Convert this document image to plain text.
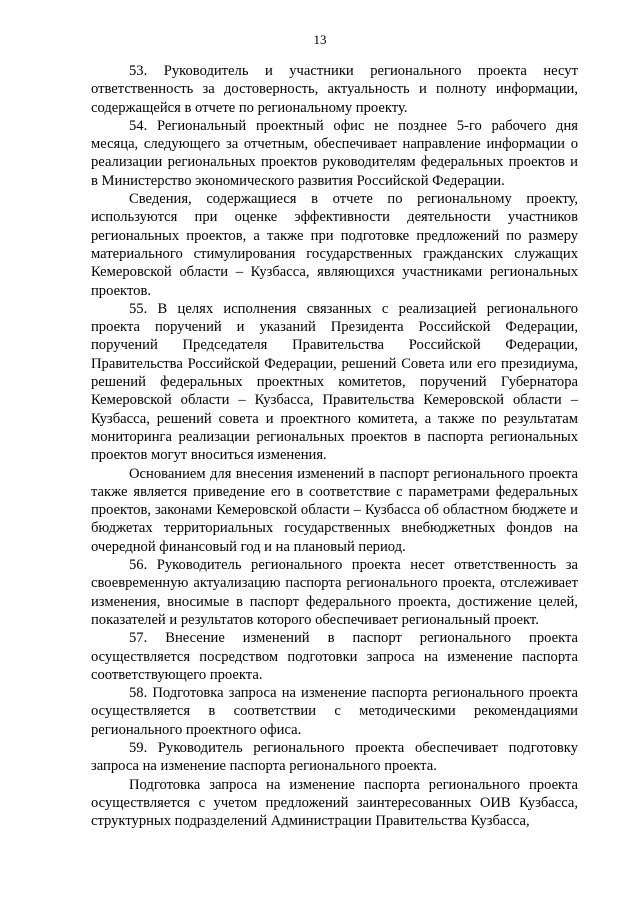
13

53. Руководитель и участники регионального проекта несут ответственность за достоверность, актуальность и полноту информации, содержащейся в отчете по региональному проекту.

54. Региональный проектный офис не позднее 5-го рабочего дня месяца, следующего за отчетным, обеспечивает направление информации о реализации региональных проектов руководителям федеральных проектов и в Министерство экономического развития Российской Федерации.

Сведения, содержащиеся в отчете по региональному проекту, используются при оценке эффективности деятельности участников региональных проектов, а также при подготовке предложений по размеру материального стимулирования государственных гражданских служащих Кемеровской области – Кузбасса, являющихся участниками региональных проектов.

55. В целях исполнения связанных с реализацией регионального проекта поручений и указаний Президента Российской Федерации, поручений Председателя Правительства Российской Федерации, Правительства Российской Федерации, решений Совета или его президиума, решений федеральных проектных комитетов, поручений Губернатора Кемеровской области – Кузбасса, Правительства Кемеровской области – Кузбасса, решений совета и проектного комитета, а также по результатам мониторинга реализации региональных проектов в паспорта региональных проектов могут вноситься изменения.

Основанием для внесения изменений в паспорт регионального проекта также является приведение его в соответствие с параметрами федеральных проектов, законами Кемеровской области – Кузбасса об областном бюджете и бюджетах территориальных государственных внебюджетных фондов на очередной финансовый год и на плановый период.

56. Руководитель регионального проекта несет ответственность за своевременную актуализацию паспорта регионального проекта, отслеживает изменения, вносимые в паспорт федерального проекта, достижение целей, показателей и результатов которого обеспечивает региональный проект.

57. Внесение изменений в паспорт регионального проекта осуществляется посредством подготовки запроса на изменение паспорта соответствующего проекта.

58. Подготовка запроса на изменение паспорта регионального проекта осуществляется в соответствии с методическими рекомендациями регионального проектного офиса.

59. Руководитель регионального проекта обеспечивает подготовку запроса на изменение паспорта регионального проекта.

Подготовка запроса на изменение паспорта регионального проекта осуществляется с учетом предложений заинтересованных ОИВ Кузбасса, структурных подразделений Администрации Правительства Кузбасса,
